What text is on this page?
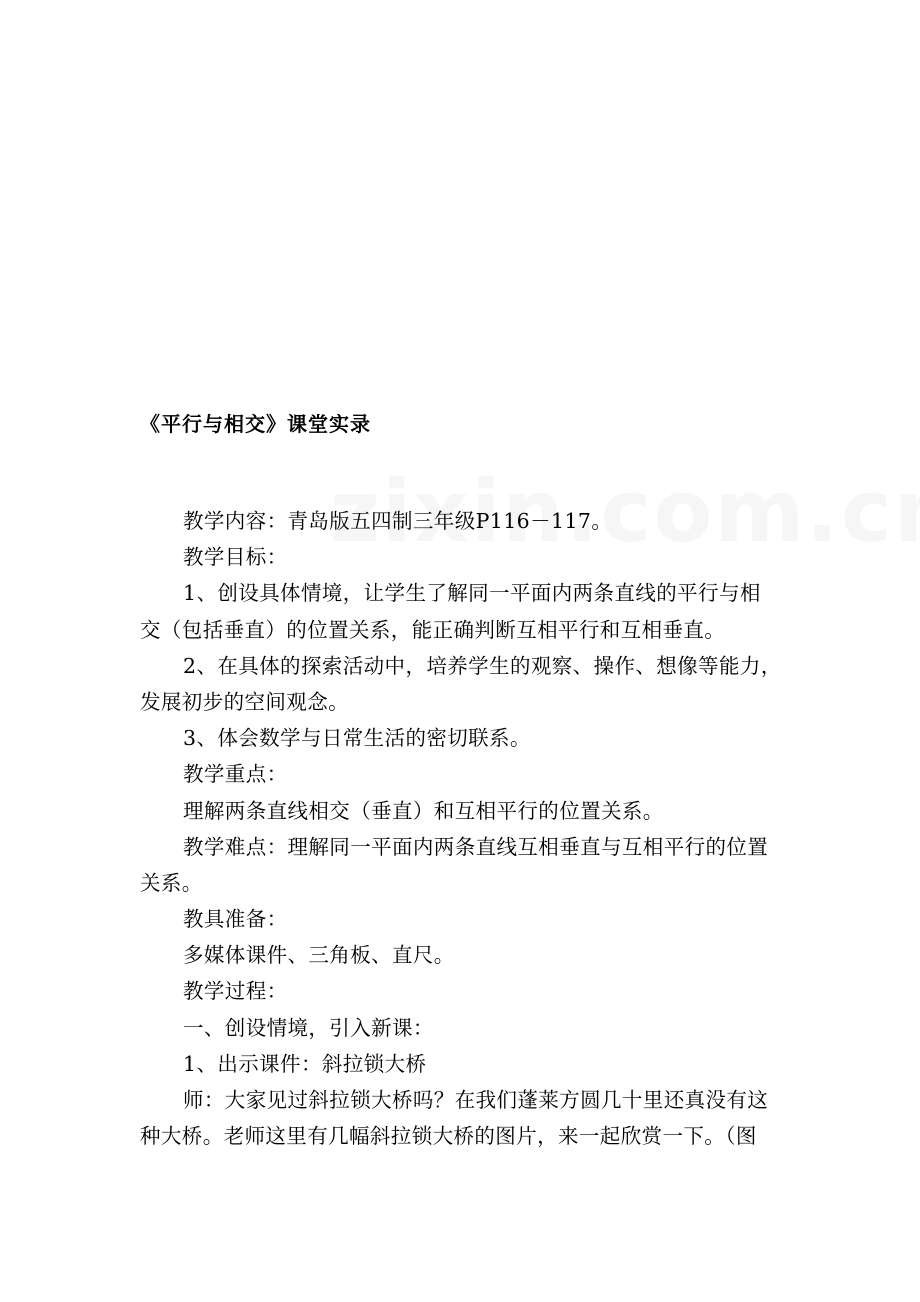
《平行与相交》课堂实录
教学内容：青岛版五四制三年级P116－117。
教学目标：
1、创设具体情境，让学生了解同一平面内两条直线的平行与相
交（包括垂直）的位置关系，能正确判断互相平行和互相垂直。
2、在具体的探索活动中，培养学生的观察、操作、想像等能力，
发展初步的空间观念。
3、体会数学与日常生活的密切联系。
教学重点：
理解两条直线相交（垂直）和互相平行的位置关系。
教学难点：理解同一平面内两条直线互相垂直与互相平行的位置
关系。
教具准备：
多媒体课件、三角板、直尺。
教学过程：
一、创设情境，引入新课：
1、出示课件：斜拉锁大桥
师：大家见过斜拉锁大桥吗？在我们蓬莱方圆几十里还真没有这
种大桥。老师这里有几幅斜拉锁大桥的图片，来一起欣赏一下。（图
